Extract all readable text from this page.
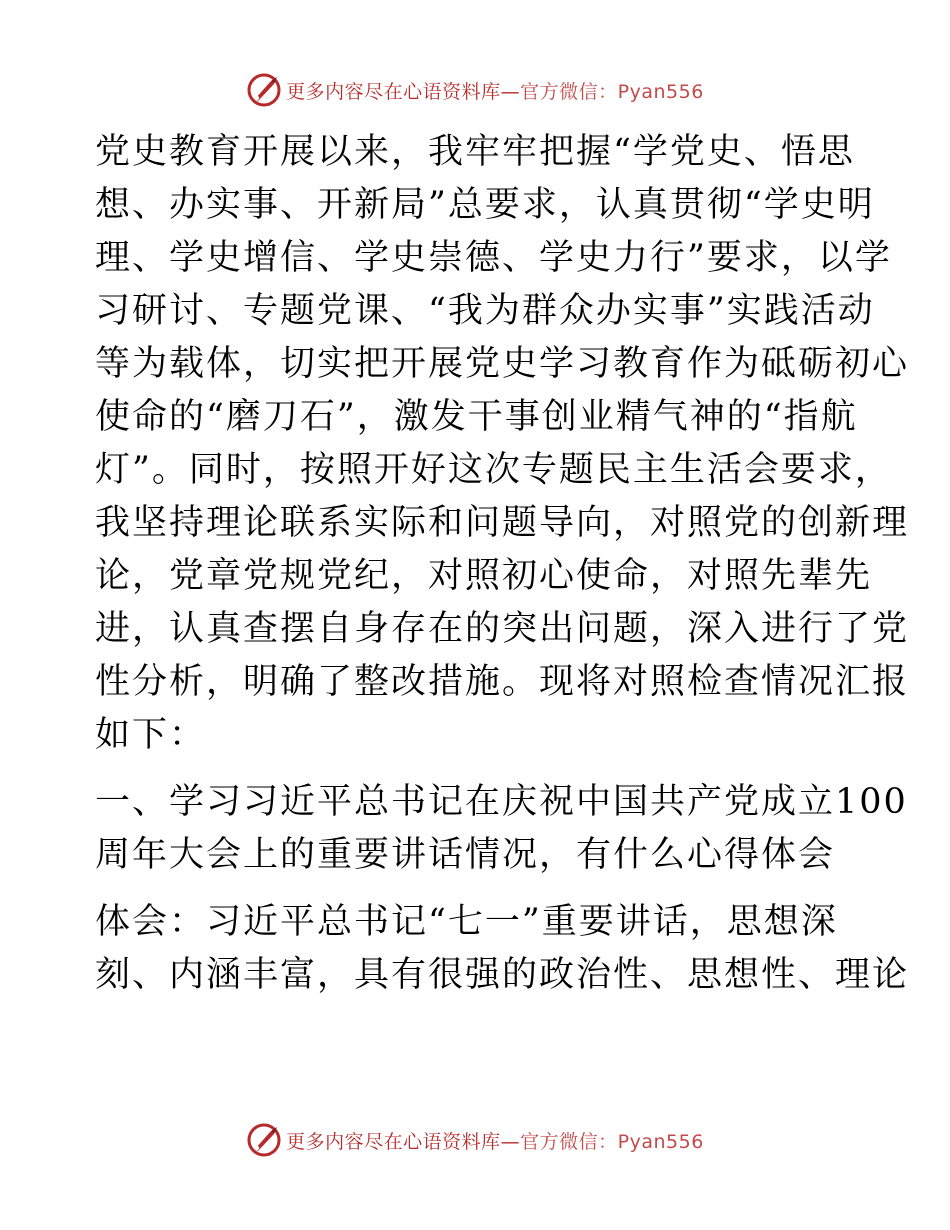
更多内容尽在心语资料库—官方微信：Pyan556
党史教育开展以来，我牢牢把握“学党史、悟思
想、办实事、开新局”总要求，认真贯彻“学史明
理、学史增信、学史崇德、学史力行”要求，以学
习研讨、专题党课、“我为群众办实事”实践活动
等为载体，切实把开展党史学习教育作为砥砺初心
使命的“磨刀石”，激发干事创业精气神的“指航
灯”。同时，按照开好这次专题民主生活会要求，
我坚持理论联系实际和问题导向，对照党的创新理
论，党章党规党纪，对照初心使命，对照先辈先
进，认真查摆自身存在的突出问题，深入进行了党
性分析，明确了整改措施。现将对照检查情况汇报
如下：
一、学习习近平总书记在庆祝中国共产党成立100
周年大会上的重要讲话情况，有什么心得体会
体会：习近平总书记“七一”重要讲话，思想深
刻、内涵丰富，具有很强的政治性、思想性、理论
更多内容尽在心语资料库—官方微信：Pyan556
